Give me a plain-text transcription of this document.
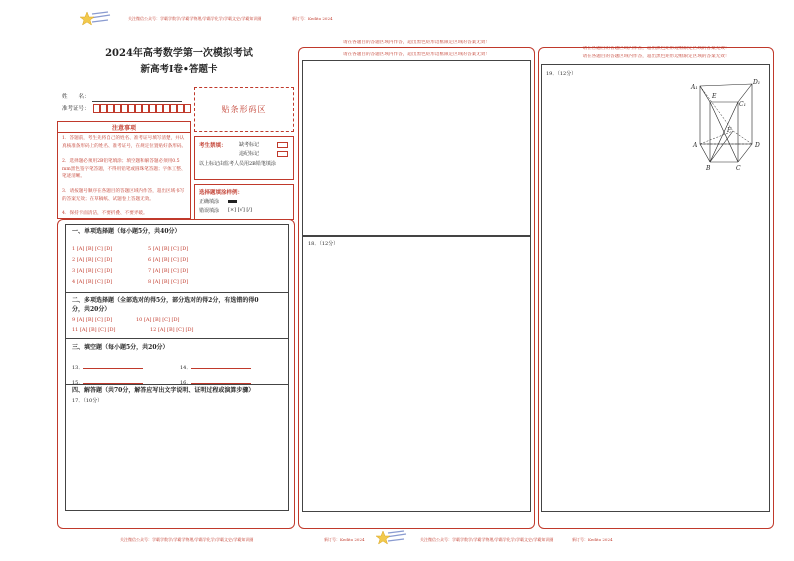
关注微信公众号：学霸学数学/学霸学物理/学霸学化学/学霸文史/学霸知识圈	新订号：Kedito 2024
2024年高考数学第一次模拟考试
新高考Ⅰ卷•答题卡
姓　　名：
准考证号：	贴条形码区
注意事项
1．答题前，考生先将自己的姓名、准考证号填写清楚，并认真核准条形码上的姓名、准考证号，在规定位置贴好条形码。
2．选择题必须用2B铅笔填涂；填空题和解答题必须用0.5 mm黑色签字笔答题，不得用铅笔或圆珠笔答题；字体工整、笔迹清晰。
3．请按题号顺序在各题目的答题区域内作答，超出区域书写的答案无效；在草稿纸、试题卷上答题无效。
4．保持卡面清洁，不要折叠、不要弄破。
考生禁填： 缺考标记
违纪标记
以上标记由监考人员用2B铅笔填涂
选择题填涂样例：
正确填涂
错误填涂 [×] [√] [/]
一、单项选择题（每小题5分，共40分）
1 [A] [B] [C] [D]	5 [A] [B] [C] [D]
2 [A] [B] [C] [D]	6 [A] [B] [C] [D]
3 [A] [B] [C] [D]	7 [A] [B] [C] [D]
4 [A] [B] [C] [D]	8 [A] [B] [C] [D]
二、多项选择题（全部选对的得5分，部分选对的得2分，有选错的得0
分，共20分）
9 [A] [B] [C] [D]	10 [A] [B] [C] [D]
11 [A] [B] [C] [D]	12 [A] [B] [C] [D]
三、填空题（每小题5分，共20分）
13．	14．
15．	16．
四、解答题（共70分，解答应写出文字说明、证明过程或演算步骤）
17．（10分）
请在各题目的答题区域内作答，超出黑色矩形边框限定区域的答案无效！
请在各题目的答题区域内作答，超出黑色矩形边框限定区域的答案无效！
18．（12分）
请在各题目的答题区域内作答，超出黑色矩形边框限定区域的答案无效！
请在各题目的答题区域内作答，超出黑色矩形边框限定区域的答案无效！
19．（12分）
A₁
D₁
E
C₁
F
A	D
B	C
关注微信公众号：学霸学数学/学霸学物理/学霸学化学/学霸文史/学霸知识圈	新订号：Kedito 2024	关注微信公众号：学霸学数学/学霸学物理/学霸学化学/学霸文史/学霸知识圈	新订号：Kedito 2024
